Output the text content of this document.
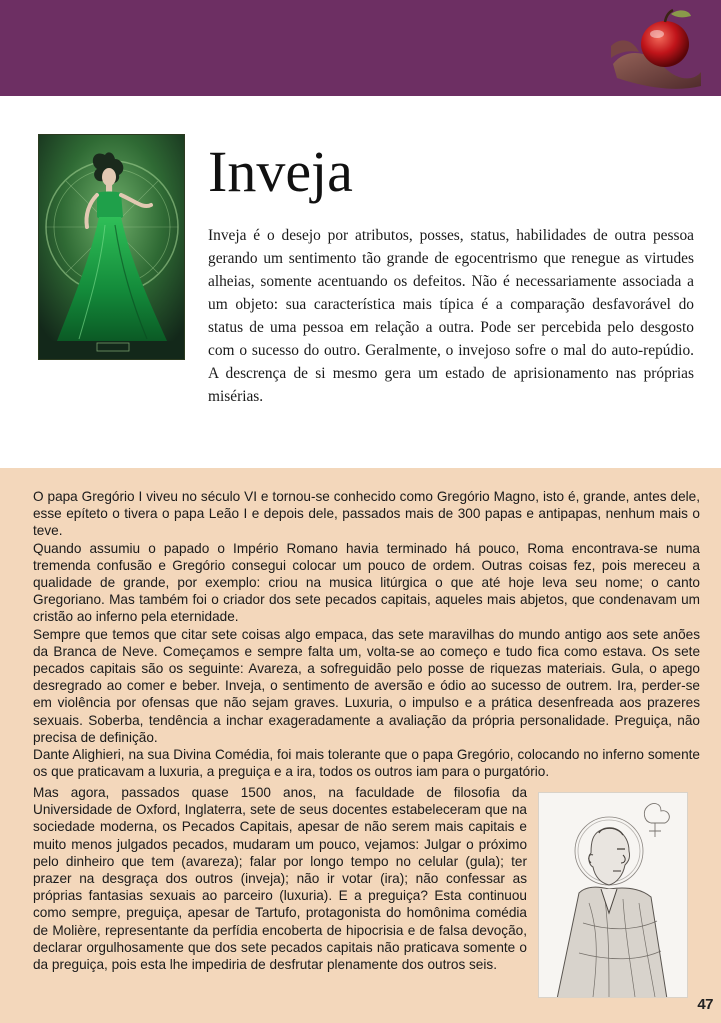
Inveja

Inveja é o desejo por atributos, posses, status, habilidades de outra pessoa gerando um sentimento tão grande de egocentrismo que renegue as virtudes alheias, somente acentuando os defeitos. Não é necessariamente associada a um objeto: sua característica mais típica é a comparação desfavorável do status de uma pessoa em relação a outra. Pode ser percebida pelo desgosto com o sucesso do outro. Geralmente, o invejoso sofre o mal do auto-repúdio. A descrença de si mesmo gera um estado de aprisionamento nas próprias misérias.

O papa Gregório I viveu no século VI e tornou-se conhecido como Gregório Magno, isto é, grande, antes dele, esse epíteto o tivera o papa Leão I e depois dele, passados mais de 300 papas e antipapas, nenhum mais o teve.

Quando assumiu o papado o Império Romano havia terminado há pouco, Roma encontrava-se numa tremenda confusão e Gregório consegui colocar um pouco de ordem. Outras coisas fez, pois mereceu a qualidade de grande, por exemplo: criou na musica litúrgica o que até hoje leva seu nome; o canto Gregoriano. Mas também foi o criador dos sete pecados capitais, aqueles mais abjetos, que condenavam um cristão ao inferno pela eternidade.

Sempre que temos que citar sete coisas algo empaca, das sete maravilhas do mundo antigo aos sete anões da Branca de Neve. Começamos e sempre falta um, volta-se ao começo e tudo fica como estava. Os sete pecados capitais são os seguinte: Avareza, a sofreguidão pelo posse de riquezas materiais. Gula, o apego desregrado ao comer e beber. Inveja, o sentimento de aversão e ódio ao sucesso de outrem. Ira, perder-se em violência por ofensas que não sejam graves. Luxuria, o impulso e a prática desenfreada aos prazeres sexuais. Soberba, tendência a inchar exageradamente a avaliação da própria personalidade. Preguiça, não precisa de definição.

Dante Alighieri, na sua Divina Comédia, foi mais tolerante que o papa Gregório, colocando no inferno somente os que praticavam a luxuria, a preguiça e a ira, todos os outros iam para o purgatório.

Mas agora, passados quase 1500 anos, na faculdade de filosofia da Universidade de Oxford, Inglaterra, sete de seus docentes estabeleceram que na sociedade moderna, os Pecados Capitais, apesar de não serem mais capitais e muito menos julgados pecados, mudaram um pouco, vejamos: Julgar o próximo pelo dinheiro que tem (avareza); falar por longo tempo no celular (gula); ter prazer na desgraça dos outros (inveja); não ir votar (ira); não confessar as próprias fantasias sexuais ao parceiro (luxuria). E a preguiça? Esta continuou como sempre, preguiça, apesar de Tartufo, protagonista do homônima comédia de Molière, representante da perfídia encoberta de hipocrisia e de falsa devoção, declarar orgulhosamente que dos sete pecados capitais não praticava somente o da preguiça, pois esta lhe impediria de desfrutar plenamente dos outros seis.

47
